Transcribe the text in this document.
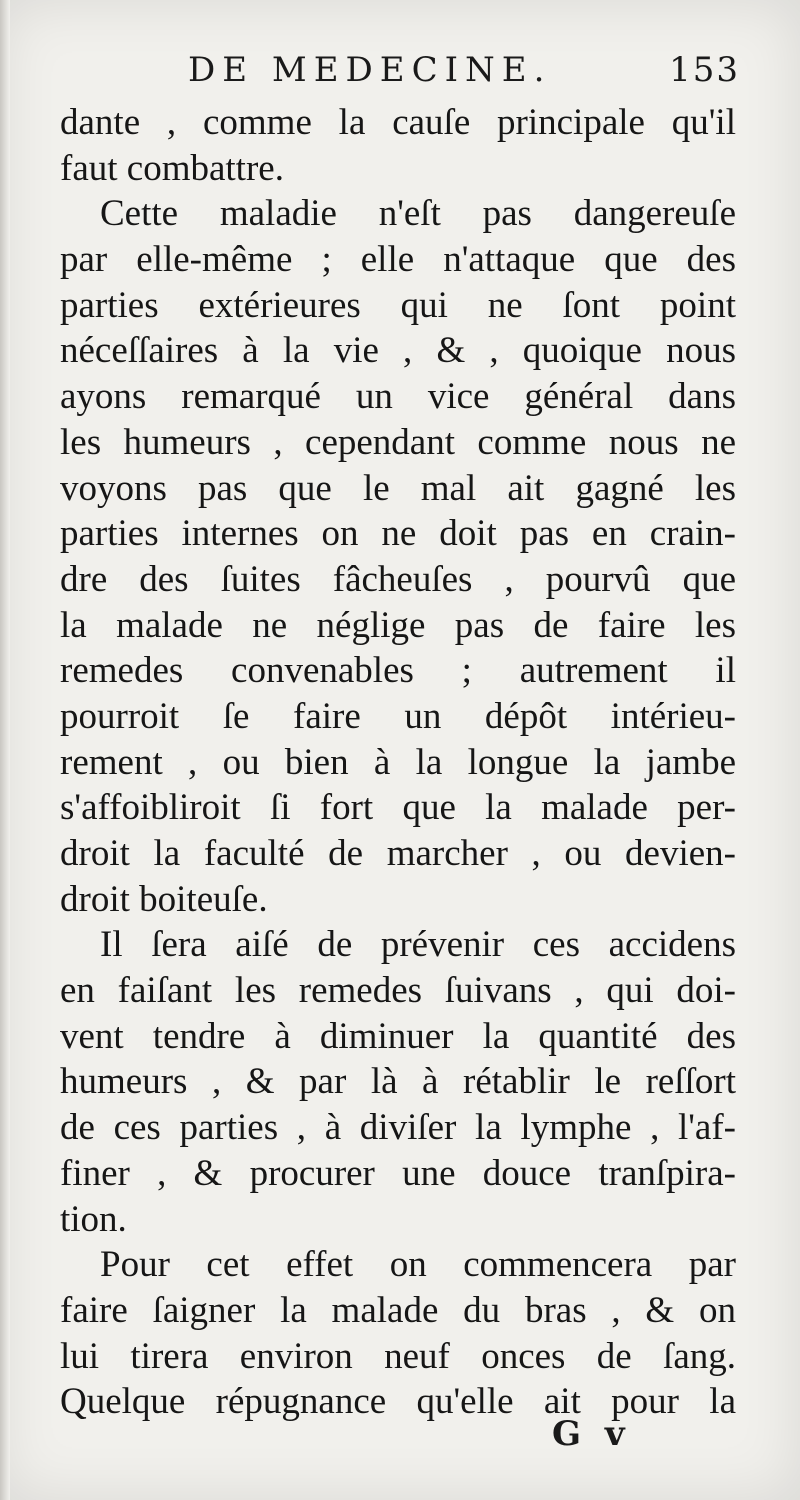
DE MEDECINE.	153
dante , comme la cauſe principale qu'il
faut combattre.
Cette maladie n'eſt pas dangereuſe
par elle-même ; elle n'attaque que des
parties extérieures qui ne ſont point
néceſſaires à la vie , & , quoique nous
ayons remarqué un vice général dans
les humeurs , cependant comme nous ne
voyons pas que le mal ait gagné les
parties internes on ne doit pas en crain-
dre des ſuites fâcheuſes , pourvû que
la malade ne néglige pas de faire les
remedes convenables ; autrement il
pourroit ſe faire un dépôt intérieu-
rement , ou bien à la longue la jambe
s'affoibliroit ſi fort que la malade per-
droit la faculté de marcher , ou devien-
droit boiteuſe.
Il ſera aiſé de prévenir ces accidens
en faiſant les remedes ſuivans , qui doi-
vent tendre à diminuer la quantité des
humeurs , & par là à rétablir le reſſort
de ces parties , à diviſer la lymphe , l'af-
finer , & procurer une douce tranſpira-
tion.
Pour cet effet on commencera par
faire ſaigner la malade du bras , & on
lui tirera environ neuf onces de ſang.
Quelque répugnance qu'elle ait pour la
G v
